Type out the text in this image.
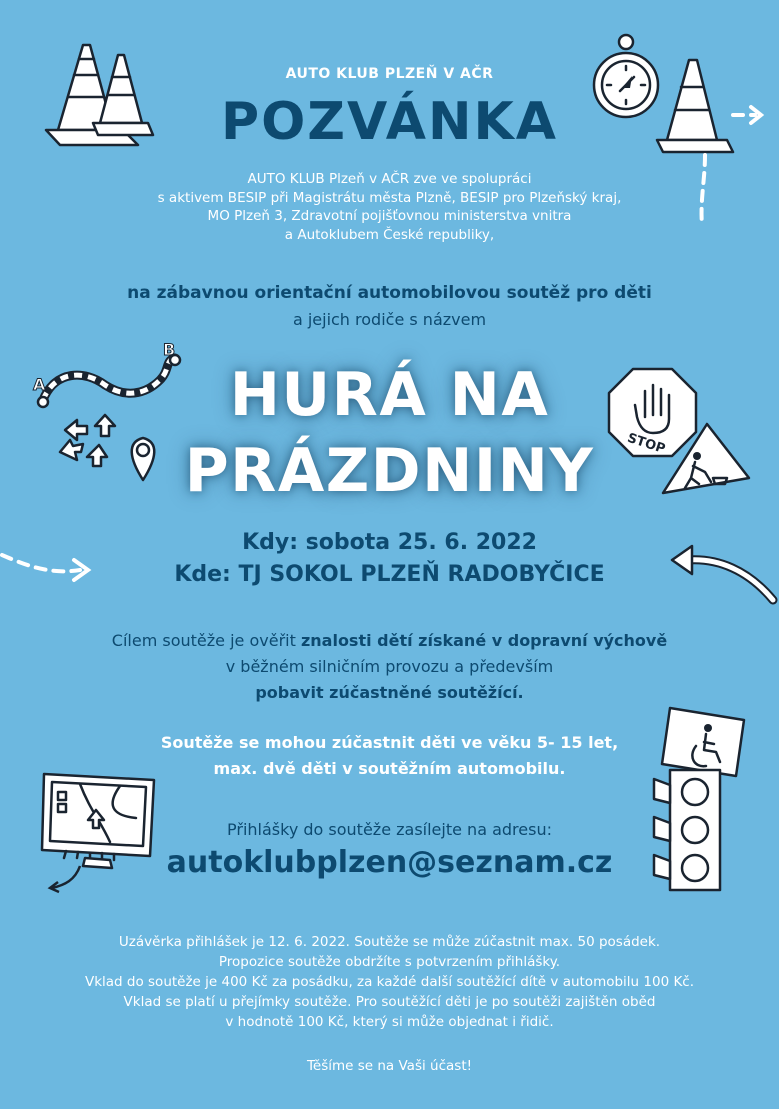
A
B
STOP
AUTO KLUB PLZEŇ V AČR
POZVÁNKA
AUTO KLUB Plzeň v AČR zve ve spolupráci
s aktivem BESIP při Magistrátu města Plzně, BESIP pro Plzeňský kraj,
MO Plzeň 3, Zdravotní pojišťovnou ministerstva vnitra
a Autoklubem České republiky,
na zábavnou orientační automobilovou soutěž pro děti
a jejich rodiče s názvem
HURÁ NA
PRÁZDNINY
Kdy: sobota 25. 6. 2022
Kde: TJ SOKOL PLZEŇ RADOBYČICE
Cílem soutěže je ověřit znalosti dětí získané v dopravní výchově
v běžném silničním provozu a především
pobavit zúčastněné soutěžící.
Soutěže se mohou zúčastnit děti ve věku 5- 15 let,
max. dvě děti v soutěžním automobilu.
Přihlášky do soutěže zasílejte na adresu:
autoklubplzen@seznam.cz
Uzávěrka přihlášek je 12. 6. 2022. Soutěže se může zúčastnit max. 50 posádek.
Propozice soutěže obdržíte s potvrzením přihlášky.
Vklad do soutěže je 400 Kč za posádku, za každé další soutěžící dítě v automobilu 100 Kč.
Vklad se platí u přejímky soutěže. Pro soutěžící děti je po soutěži zajištěn oběd
v hodnotě 100 Kč, který si může objednat i řidič.
Těšíme se na Vaši účast!
